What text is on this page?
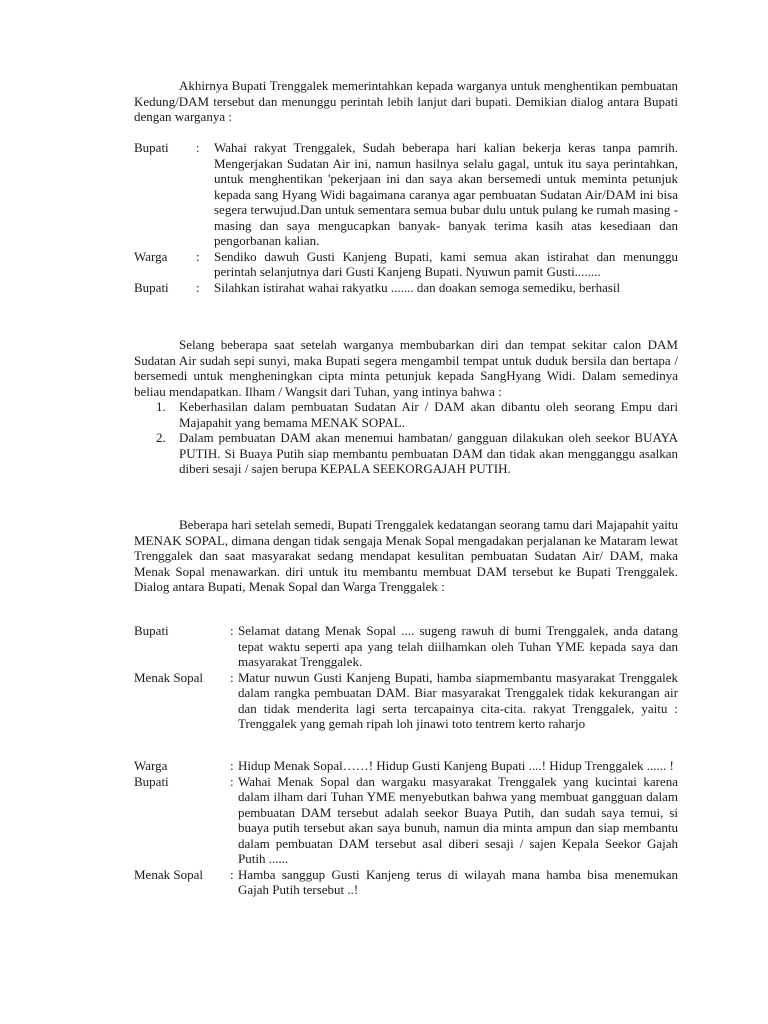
Akhirnya Bupati Trenggalek memerintahkan kepada warganya untuk menghentikan pembuatan Kedung/DAM tersebut dan menunggu perintah lebih lanjut dari bupati. Demikian dialog antara Bupati dengan warganya :

Bupati : Wahai rakyat Trenggalek, Sudah beberapa hari kalian bekerja keras tanpa pamrih. Mengerjakan Sudatan Air ini, namun hasilnya selalu gagal, untuk itu saya perintahkan, untuk menghentikan 'pekerjaan ini dan saya akan bersemedi untuk meminta petunjuk kepada sang Hyang Widi bagaimana caranya agar pembuatan Sudatan Air/DAM ini bisa segera terwujud.Dan untuk sementara semua bubar dulu untuk pulang ke rumah masing -masing dan saya mengucapkan banyak- banyak terima kasih atas kesediaan dan pengorbanan kalian.
Warga : Sendiko dawuh Gusti Kanjeng Bupati, kami semua akan istirahat dan menunggu perintah selanjutnya dari Gusti Kanjeng Bupati. Nyuwun pamit Gusti........
Bupati : Silahkan istirahat wahai rakyatku ....... dan doakan semoga semediku, berhasil

Selang beberapa saat setelah warganya membubarkan diri dan tempat sekitar calon DAM Sudatan Air sudah sepi sunyi, maka Bupati segera mengambil tempat untuk duduk bersila dan bertapa / bersemedi untuk mengheningkan cipta minta petunjuk kepada SangHyang Widi. Dalam semedinya beliau mendapatkan. Ilham / Wangsit dari Tuhan, yang intinya bahwa :

1. Keberhasilan dalam pembuatan Sudatan Air / DAM akan dibantu oleh seorang Empu dari Majapahit yang bemama MENAK SOPAL.
2. Dalam pembuatan DAM akan menemui hambatan/ gangguan dilakukan oleh seekor BUAYA PUTIH. Si Buaya Putih siap membantu pembuatan DAM dan tidak akan mengganggu asalkan diberi sesaji / sajen berupa KEPALA SEEKORGAJAH PUTIH.

Beberapa hari setelah semedi, Bupati Trenggalek kedatangan seorang tamu dari Majapahit yaitu MENAK SOPAL, dimana dengan tidak sengaja Menak Sopal mengadakan perjalanan ke Mataram lewat Trenggalek dan saat masyarakat sedang mendapat kesulitan pembuatan Sudatan Air/ DAM, maka Menak Sopal menawarkan. diri untuk itu membantu membuat DAM tersebut ke Bupati Trenggalek. Dialog antara Bupati, Menak Sopal dan Warga Trenggalek :

Bupati	: Selamat datang Menak Sopal .... sugeng rawuh di bumi Trenggalek, anda datang tepat waktu seperti apa yang telah diilhamkan oleh Tuhan YME kepada saya dan masyarakat Trenggalek.
Menak Sopal : Matur nuwun Gusti Kanjeng Bupati, hamba siapmembantu masyarakat Trenggalek dalam rangka pembuatan DAM. Biar masyarakat Trenggalek tidak kekurangan air dan tidak menderita lagi serta tercapainya cita-cita. rakyat Trenggalek, yaitu : Trenggalek yang gemah ripah loh jinawi toto tentrem kerto raharjo
Warga	: Hidup Menak Sopal……! Hidup Gusti Kanjeng Bupati ....! Hidup Trenggalek ...... !
Bupati	: Wahai Menak Sopal dan wargaku masyarakat Trenggalek yang kucintai karena dalam ilham dari Tuhan YME menyebutkan bahwa yang membuat gangguan dalam pembuatan DAM tersebut adalah seekor Buaya Putih, dan sudah saya temui, si buaya putih tersebut akan saya bunuh, namun dia minta ampun dan siap membantu dalam pembuatan DAM tersebut asal diberi sesaji / sajen Kepala Seekor Gajah Putih ......
Menak Sopal : Hamba sanggup Gusti Kanjeng terus di wilayah mana hamba bisa menemukan Gajah Putih tersebut ..!
